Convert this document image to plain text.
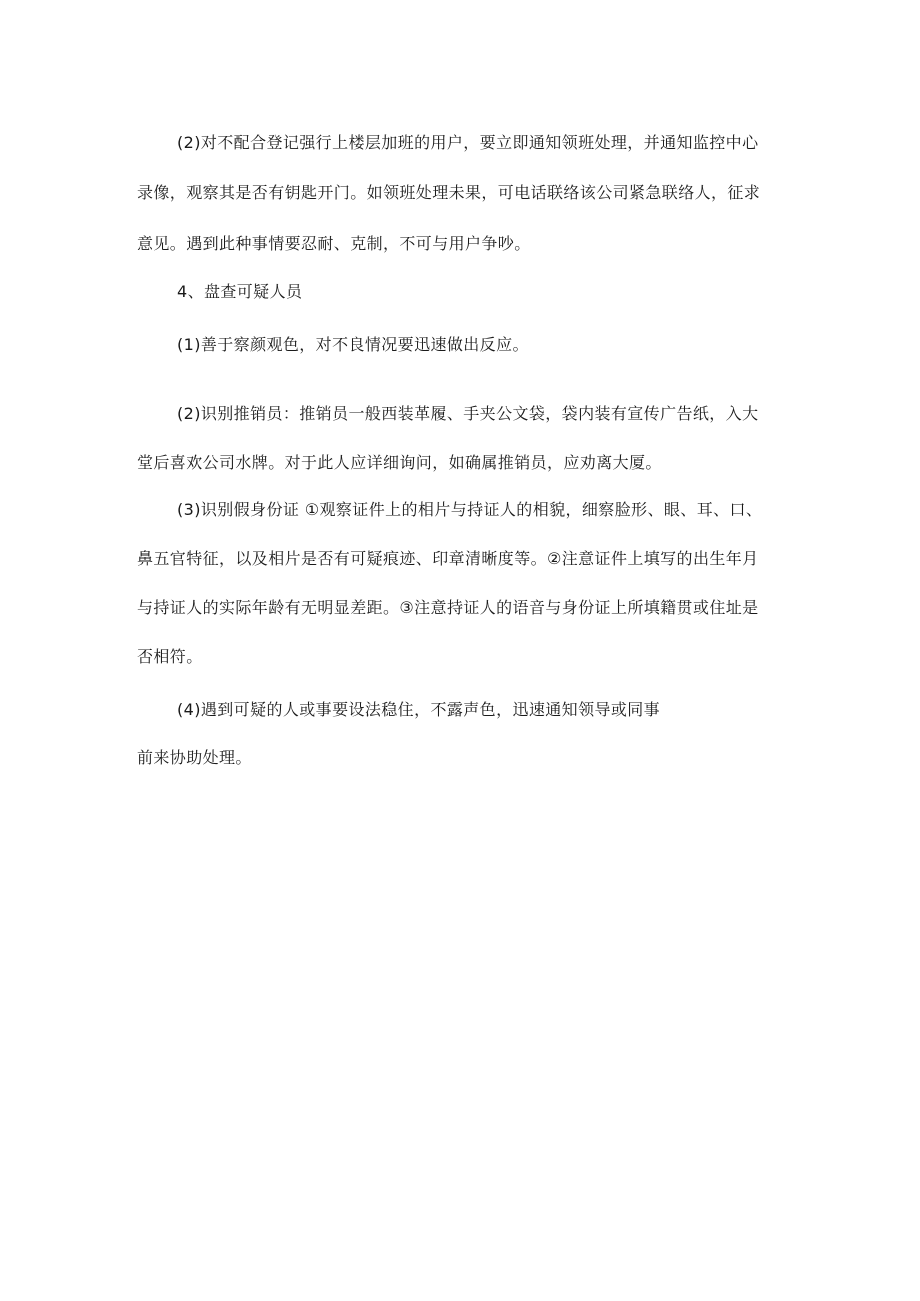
(2)对不配合登记强行上楼层加班的用户，要立即通知领班处理，并通知监控中心
录像，观察其是否有钥匙开门。如领班处理未果，可电话联络该公司紧急联络人，征求
意见。遇到此种事情要忍耐、克制，不可与用户争吵。
4、盘查可疑人员
(1)善于察颜观色，对不良情况要迅速做出反应。
(2)识别推销员：推销员一般西装革履、手夹公文袋，袋内装有宣传广告纸，入大
堂后喜欢公司水牌。对于此人应详细询问，如确属推销员，应劝离大厦。
(3)识别假身份证 ①观察证件上的相片与持证人的相貌，细察脸形、眼、耳、口、
鼻五官特征，以及相片是否有可疑痕迹、印章清晰度等。②注意证件上填写的出生年月
与持证人的实际年龄有无明显差距。③注意持证人的语音与身份证上所填籍贯或住址是
否相符。
(4)遇到可疑的人或事要设法稳住，不露声色，迅速通知领导或同事
前来协助处理。
